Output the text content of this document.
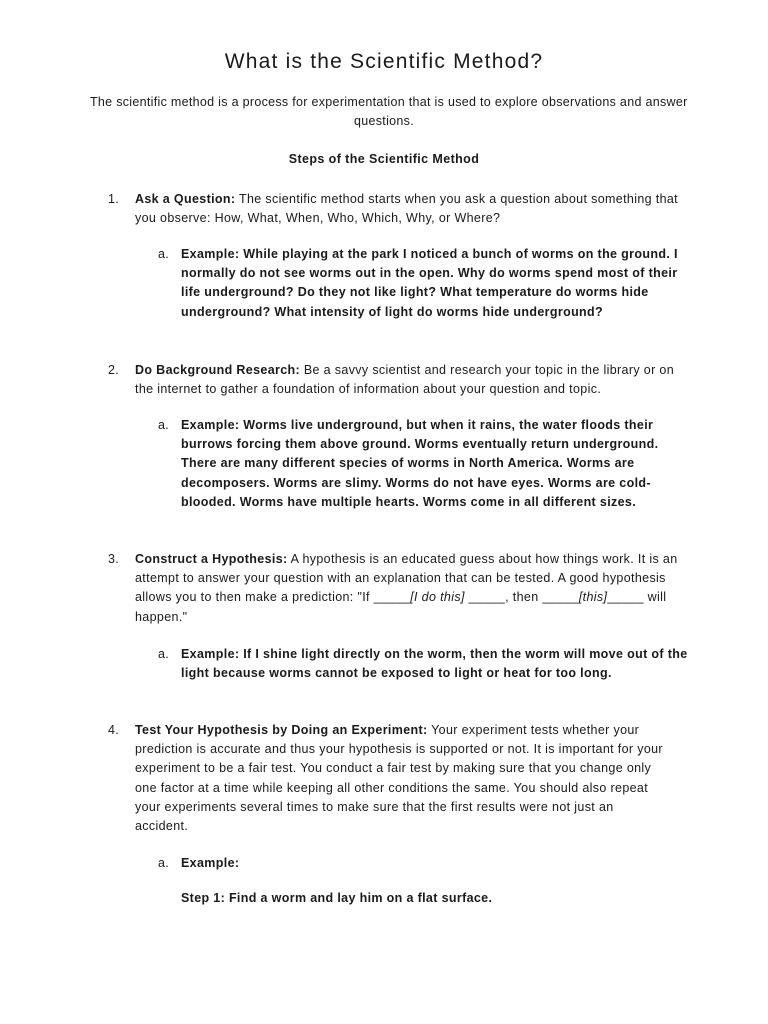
What is the Scientific Method?
The scientific method is a process for experimentation that is used to explore observations and answer
questions.
Steps of the Scientific Method
1. Ask a Question: The scientific method starts when you ask a question about something that
you observe: How, What, When, Who, Which, Why, or Where?
a. Example: While playing at the park I noticed a bunch of worms on the ground. I
normally do not see worms out in the open. Why do worms spend most of their
life underground? Do they not like light? What temperature do worms hide
underground? What intensity of light do worms hide underground?
2. Do Background Research: Be a savvy scientist and research your topic in the library or on
the internet to gather a foundation of information about your question and topic.
a. Example: Worms live underground, but when it rains, the water floods their
burrows forcing them above ground. Worms eventually return underground.
There are many different species of worms in North America. Worms are
decomposers. Worms are slimy. Worms do not have eyes. Worms are cold-
blooded. Worms have multiple hearts. Worms come in all different sizes.
3. Construct a Hypothesis: A hypothesis is an educated guess about how things work. It is an
attempt to answer your question with an explanation that can be tested. A good hypothesis
allows you to then make a prediction: "If _____[I do this] _____, then _____[this]_____ will
happen."
a. Example: If I shine light directly on the worm, then the worm will move out of the
light because worms cannot be exposed to light or heat for too long.
4. Test Your Hypothesis by Doing an Experiment: Your experiment tests whether your
prediction is accurate and thus your hypothesis is supported or not. It is important for your
experiment to be a fair test. You conduct a fair test by making sure that you change only
one factor at a time while keeping all other conditions the same. You should also repeat
your experiments several times to make sure that the first results were not just an
accident.
a. Example:
Step 1: Find a worm and lay him on a flat surface.
